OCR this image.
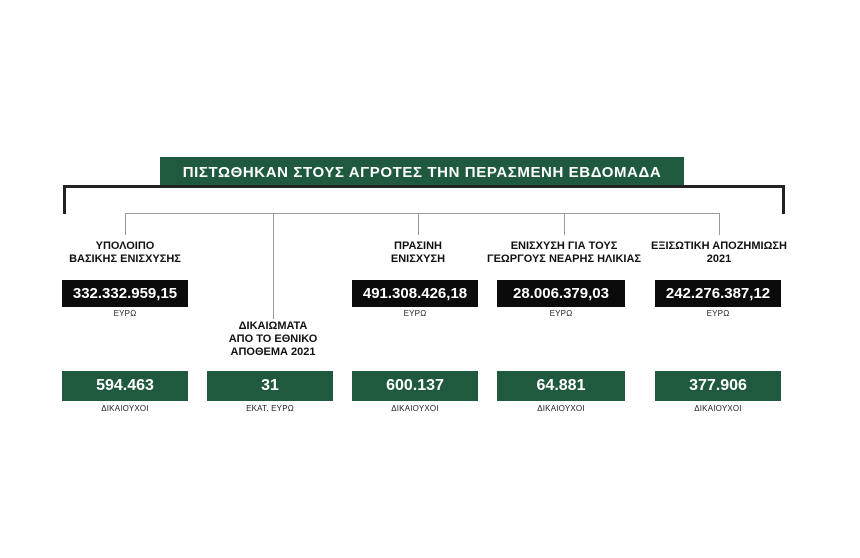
ΠΙΣΤΩΘΗΚΑΝ ΣΤΟΥΣ ΑΓΡΟΤΕΣ ΤΗΝ ΠΕΡΑΣΜΕΝΗ ΕΒΔΟΜΑΔΑ
ΥΠΟΛΟΙΠΟ
ΒΑΣΙΚΗΣ ΕΝΙΣΧΥΣΗΣ
332.332.959,15
ΕΥΡΩ
594.463
ΔΙΚΑΙΟΥΧΟΙ
ΔΙΚΑΙΩΜΑΤΑ
ΑΠΟ ΤΟ ΕΘΝΙΚΟ
ΑΠΟΘΕΜΑ 2021
31
ΕΚΑΤ. ΕΥΡΩ
ΠΡΑΣΙΝΗ
ΕΝΙΣΧΥΣΗ
491.308.426,18
ΕΥΡΩ
600.137
ΔΙΚΑΙΟΥΧΟΙ
ΕΝΙΣΧΥΣΗ ΓΙΑ ΤΟΥΣ
ΓΕΩΡΓΟΥΣ ΝΕΑΡΗΣ ΗΛΙΚΙΑΣ
28.006.379,03
ΕΥΡΩ
64.881
ΔΙΚΑΙΟΥΧΟΙ
ΕΞΙΣΩΤΙΚΗ ΑΠΟΖΗΜΙΩΣΗ
2021
242.276.387,12
ΕΥΡΩ
377.906
ΔΙΚΑΙΟΥΧΟΙ
